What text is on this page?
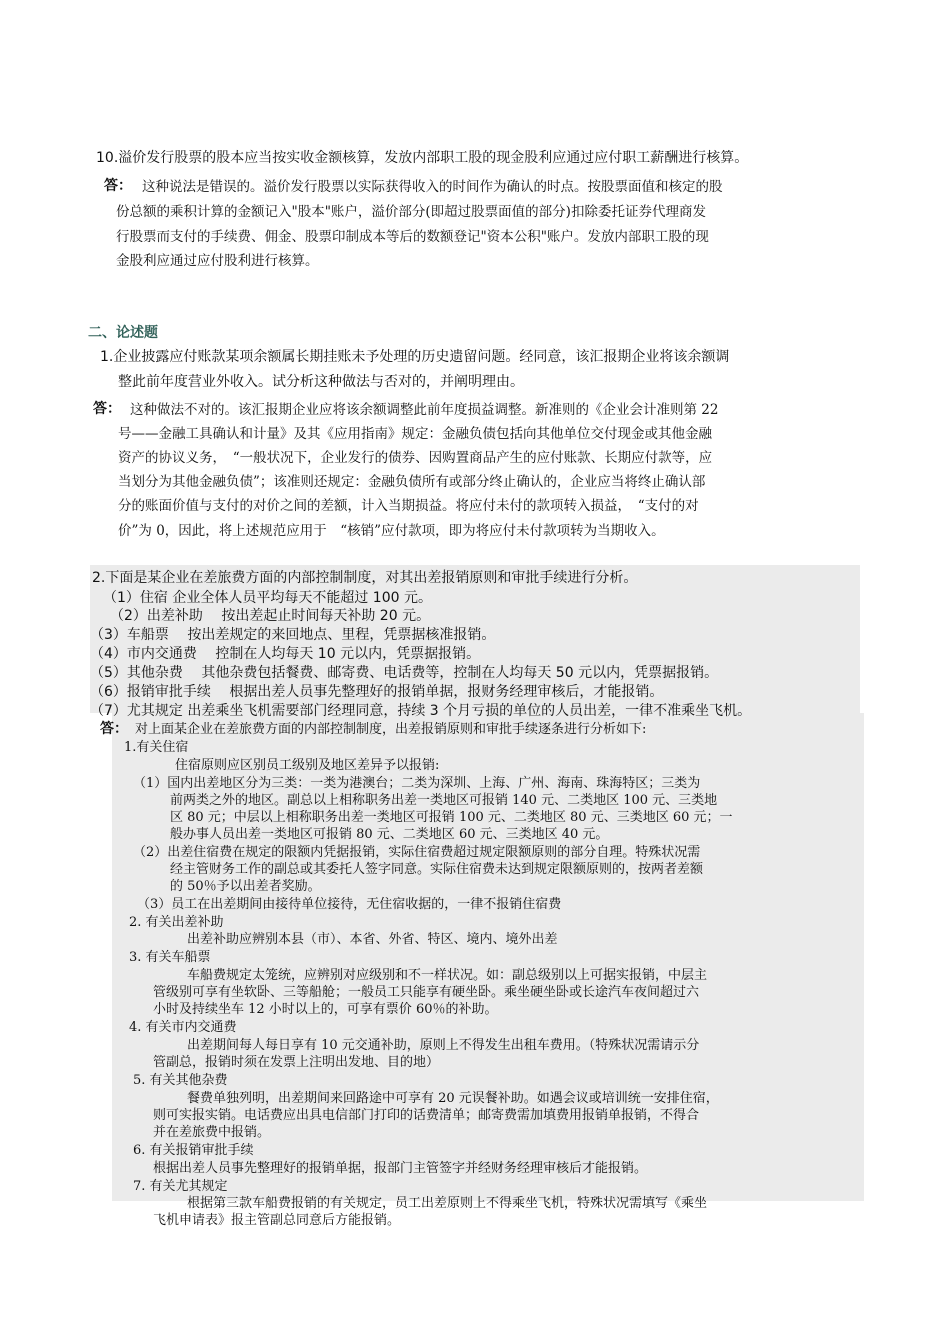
10.溢价发行股票的股本应当按实收金额核算，发放内部职工股的现金股利应通过应付职工薪酬进行核算。
答： 这种说法是错误的。溢价发行股票以实际获得收入的时间作为确认的时点。按股票面值和核定的股
份总额的乘积计算的金额记入"股本"账户，溢价部分(即超过股票面值的部分)扣除委托证券代理商发
行股票而支付的手续费、佣金、股票印制成本等后的数额登记"资本公积"账户。发放内部职工股的现
金股利应通过应付股利进行核算。
二、论述题
1.企业披露应付账款某项余额属长期挂账未予处理的历史遗留问题。经同意，该汇报期企业将该余额调
整此前年度营业外收入。试分析这种做法与否对的，并阐明理由。
答： 这种做法不对的。该汇报期企业应将该余额调整此前年度损益调整。新准则的《企业会计准则第 22
号——金融工具确认和计量》及其《应用指南》规定：金融负债包括向其他单位交付现金或其他金融
资产的协议义务，　“一般状况下，企业发行的债券、因购置商品产生的应付账款、长期应付款等，应
当划分为其他金融负债”；该准则还规定：金融负债所有或部分终止确认的，企业应当将终止确认部
分的账面价值与支付的对价之间的差额，计入当期损益。将应付未付的款项转入损益，　“支付的对
价”为 0，因此，将上述规范应用于　“核销”应付款项，即为将应付未付款项转为当期收入。
2.下面是某企业在差旅费方面的内部控制制度，对其出差报销原则和审批手续进行分析。
（1）住宿 企业全体人员平均每天不能超过 100 元。
（2）出差补助　 按出差起止时间每天补助 20 元。
（3）车船票　 按出差规定的来回地点、里程，凭票据核准报销。
（4）市内交通费　 控制在人均每天 10 元以内，凭票据报销。
（5）其他杂费　 其他杂费包括餐费、邮寄费、电话费等，控制在人均每天 50 元以内，凭票据报销。
（6）报销审批手续　 根据出差人员事先整理好的报销单据，报财务经理审核后，才能报销。
（7）尤其规定 出差乘坐飞机需要部门经理同意，持续 3 个月亏损的单位的人员出差，一律不准乘坐飞机。
答： 对上面某企业在差旅费方面的内部控制制度，出差报销原则和审批手续逐条进行分析如下:
1.有关住宿
住宿原则应区别员工级别及地区差异予以报销:
（1）国内出差地区分为三类：一类为港澳台；二类为深圳、上海、广州、海南、珠海特区；三类为
前两类之外的地区。副总以上相称职务出差一类地区可报销 140 元、二类地区 100 元、三类地
区 80 元；中层以上相称职务出差一类地区可报销 100 元、二类地区 80 元、三类地区 60 元；一
般办事人员出差一类地区可报销 80 元、二类地区 60 元、三类地区 40 元。
（2）出差住宿费在规定的限额内凭据报销，实际住宿费超过规定限额原则的部分自理。特殊状况需
经主管财务工作的副总或其委托人签字同意。实际住宿费未达到规定限额原则的，按两者差额
的 50％予以出差者奖励。
（3）员工在出差期间由接待单位接待，无住宿收据的，一律不报销住宿费
2. 有关出差补助
出差补助应辨别本县（市）、本省、外省、特区、境内、境外出差
3. 有关车船票
车船费规定太笼统，应辨别对应级别和不一样状况。如：副总级别以上可据实报销，中层主
管级别可享有坐软卧、三等船舱；一般员工只能享有硬坐卧。乘坐硬坐卧或长途汽车夜间超过六
小时及持续坐车 12 小时以上的，可享有票价 60％的补助。
4. 有关市内交通费
出差期间每人每日享有 10 元交通补助，原则上不得发生出租车费用。（特殊状况需请示分
管副总，报销时须在发票上注明出发地、目的地）
5. 有关其他杂费
餐费单独列明，出差期间来回路途中可享有 20 元误餐补助。如遇会议或培训统一安排住宿，
则可实报实销。电话费应出具电信部门打印的话费清单；邮寄费需加填费用报销单报销，不得合
并在差旅费中报销。
6. 有关报销审批手续
根据出差人员事先整理好的报销单据，报部门主管签字并经财务经理审核后才能报销。
7. 有关尤其规定
根据第三款车船费报销的有关规定，员工出差原则上不得乘坐飞机，特殊状况需填写《乘坐
飞机申请表》报主管副总同意后方能报销。
